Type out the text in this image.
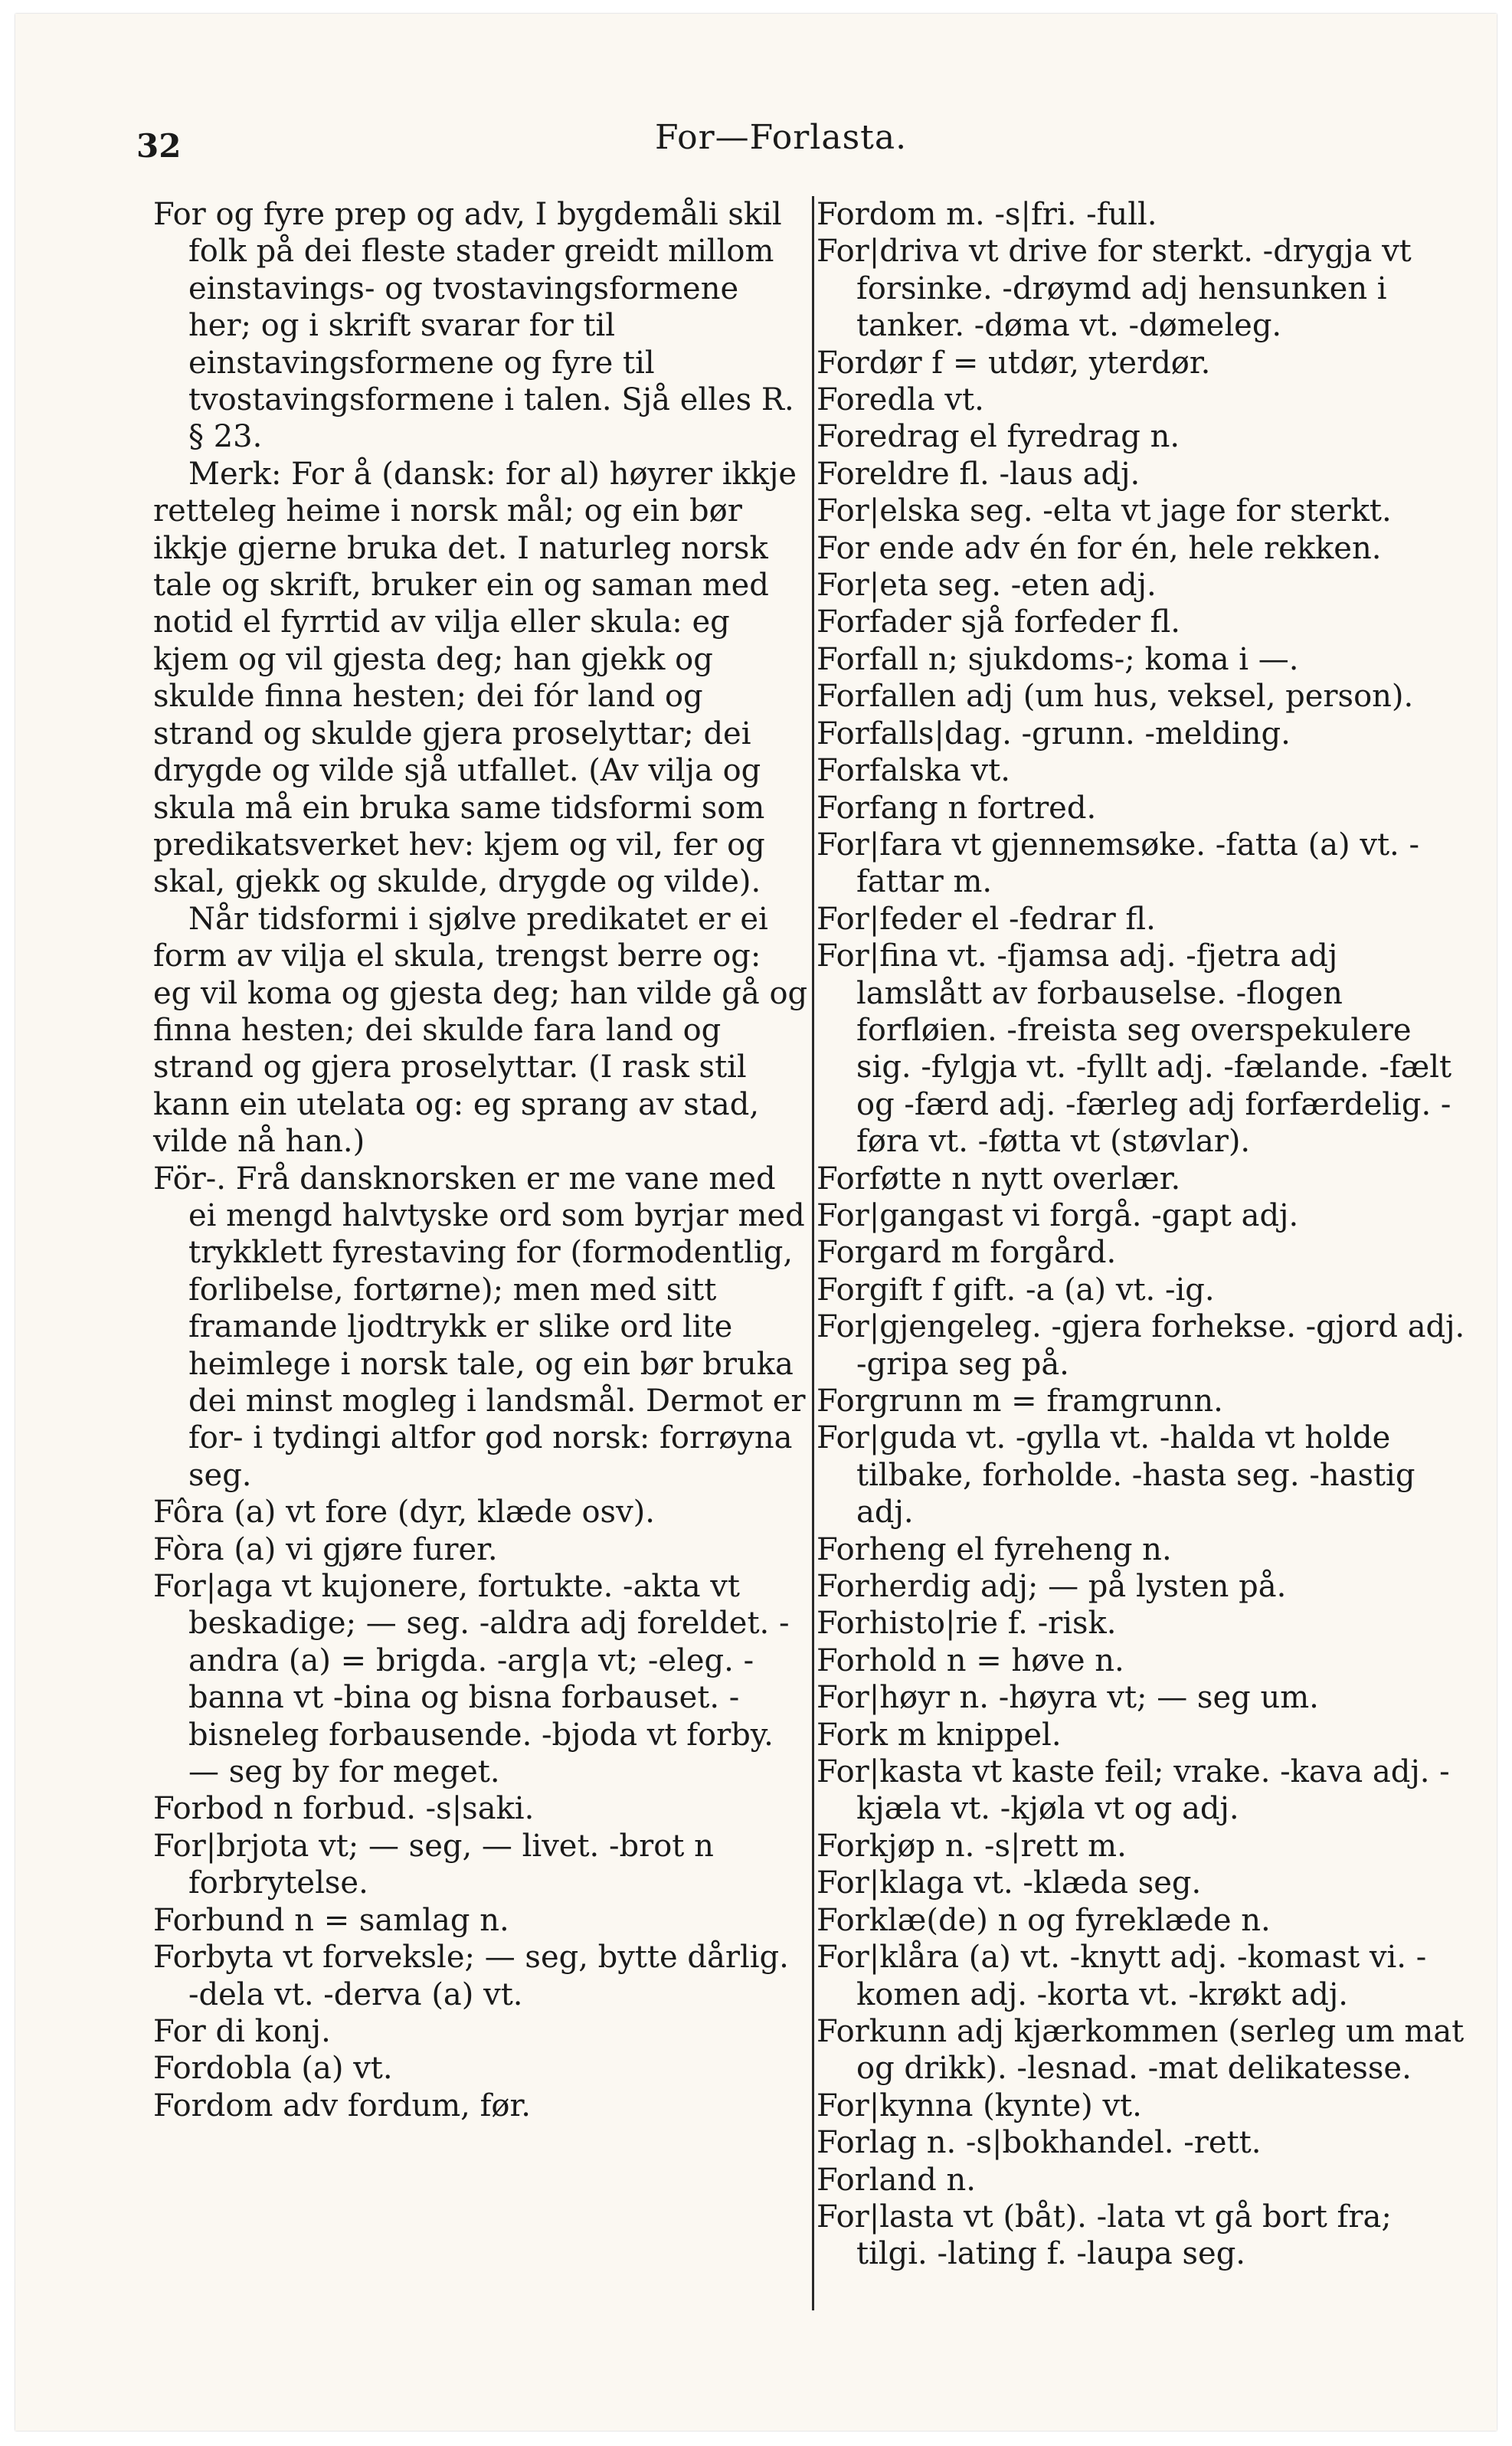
32	For—Forlasta.

For og fyre prep og adv, I bygdemåli skil folk på dei fleste stader greidt millom einstavings- og tvostavingsformene her; og i skrift svarar for til einstavingsformene og fyre til tvostavingsformene i talen. Sjå elles R. § 23.

Merk: For å (dansk: for al) høyrer ikkje retteleg heime i norsk mål; og ein bør ikkje gjerne bruka det. I naturleg norsk tale og skrift, bruker ein og saman med notid el fyrrtid av vilja eller skula: eg kjem og vil gjesta deg; han gjekk og skulde finna hesten; dei fór land og strand og skulde gjera proselyttar; dei drygde og vilde sjå utfallet. (Av vilja og skula må ein bruka same tidsformi som predikatsverket hev: kjem og vil, fer og skal, gjekk og skulde, drygde og vilde).

Når tidsformi i sjølve predikatet er ei form av vilja el skula, trengst berre og: eg vil koma og gjesta deg; han vilde gå og finna hesten; dei skulde fara land og strand og gjera proselyttar. (I rask stil kann ein utelata og: eg sprang av stad, vilde nå han.)

För-. Frå dansknorsken er me vane med ei mengd halvtyske ord som byrjar med trykklett fyrestaving for (formodentlig, forlibelse, fortørne); men med sitt framande ljodtrykk er slike ord lite heimlege i norsk tale, og ein bør bruka dei minst mogleg i landsmål. Dermot er for- i tydingi altfor god norsk: forrøyna seg.

Fôra (a) vt fore (dyr, klæde osv).

Fòra (a) vi gjøre furer.

For|aga vt kujonere, fortukte. -akta vt beskadige; — seg. -aldra adj foreldet. -andra (a) = brigda. -arg|a vt; -eleg. -banna vt -bina og bisna forbauset. -bisneleg forbausende. -bjoda vt forby. — seg by for meget.

Forbod n forbud. -s|saki.

For|brjota vt; — seg, — livet. -brot n forbrytelse.

Forbund n = samlag n.

Forbyta vt forveksle; — seg, bytte dårlig. -dela vt. -derva (a) vt.

For di konj.

Fordobla (a) vt.

Fordom adv fordum, før.

Fordom m. -s|fri. -full.

For|driva vt drive for sterkt. -drygja vt forsinke. -drøymd adj hensunken i tanker. -døma vt. -dømeleg.

Fordør f = utdør, yterdør.

Foredla vt.

Foredrag el fyredrag n.

Foreldre fl. -laus adj.

For|elska seg. -elta vt jage for sterkt.

For ende adv én for én, hele rekken.

For|eta seg. -eten adj.

Forfader sjå forfeder fl.

Forfall n; sjukdoms-; koma i —.

Forfallen adj (um hus, veksel, person).

Forfalls|dag. -grunn. -melding.

Forfalska vt.

Forfang n fortred.

For|fara vt gjennemsøke. -fatta (a) vt. -fattar m.

For|feder el -fedrar fl.

For|fina vt. -fjamsa adj. -fjetra adj lamslått av forbauselse. -flogen forfløien. -freista seg overspekulere sig. -fylgja vt. -fyllt adj. -fælande. -fælt og -færd adj. -færleg adj forfærdelig. -føra vt. -føtta vt (støvlar).

Forføtte n nytt overlær.

For|gangast vi forgå. -gapt adj.

Forgard m forgård.

Forgift f gift. -a (a) vt. -ig.

For|gjengeleg. -gjera forhekse. -gjord adj. -gripa seg på.

Forgrunn m = framgrunn.

For|guda vt. -gylla vt. -halda vt holde tilbake, forholde. -hasta seg. -hastig adj.

Forheng el fyreheng n.

Forherdig adj; — på lysten på.

Forhisto|rie f. -risk.

Forhold n = høve n.

For|høyr n. -høyra vt; — seg um.

Fork m knippel.

For|kasta vt kaste feil; vrake. -kava adj. -kjæla vt. -kjøla vt og adj.

Forkjøp n. -s|rett m.

For|klaga vt. -klæda seg.

Forklæ(de) n og fyreklæde n.

For|klåra (a) vt. -knytt adj. -komast vi. -komen adj. -korta vt. -krøkt adj.

Forkunn adj kjærkommen (serleg um mat og drikk). -lesnad. -mat delikatesse.

For|kynna (kynte) vt.

Forlag n. -s|bokhandel. -rett.

Forland n.

For|lasta vt (båt). -lata vt gå bort fra; tilgi. -lating f. -laupa seg.
